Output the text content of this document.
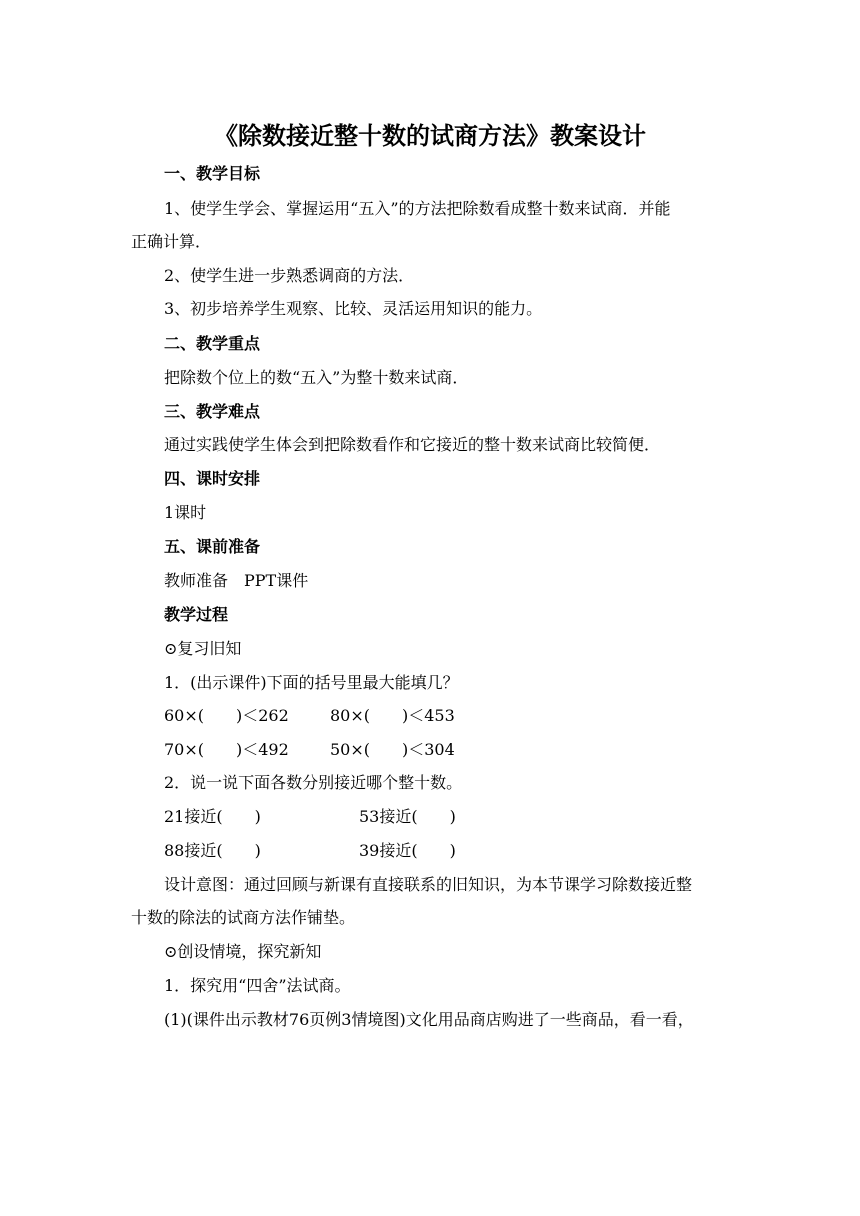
《除数接近整十数的试商方法》教案设计
一、教学目标
1、使学生学会、掌握运用“五入”的方法把除数看成整十数来试商．并能
正确计算．
2、使学生进一步熟悉调商的方法．
3、初步培养学生观察、比较、灵活运用知识的能力。
二、教学重点
把除数个位上的数“五入”为整十数来试商．
三、教学难点
通过实践使学生体会到把除数看作和它接近的整十数来试商比较简便．
四、课时安排
1课时
五、课前准备
教师准备　PPT课件
教学过程
⊙复习旧知
1．(出示课件)下面的括号里最大能填几？
60×(　　)＜262	80×(　　)＜453
70×(　　)＜492	50×(　　)＜304
2．说一说下面各数分别接近哪个整十数。
21接近(　　)	53接近(　　)
88接近(　　)	39接近(　　)
设计意图：通过回顾与新课有直接联系的旧知识，为本节课学习除数接近整
十数的除法的试商方法作铺垫。
⊙创设情境，探究新知
1．探究用“四舍”法试商。
(1)(课件出示教材76页例3情境图)文化用品商店购进了一些商品，看一看，
